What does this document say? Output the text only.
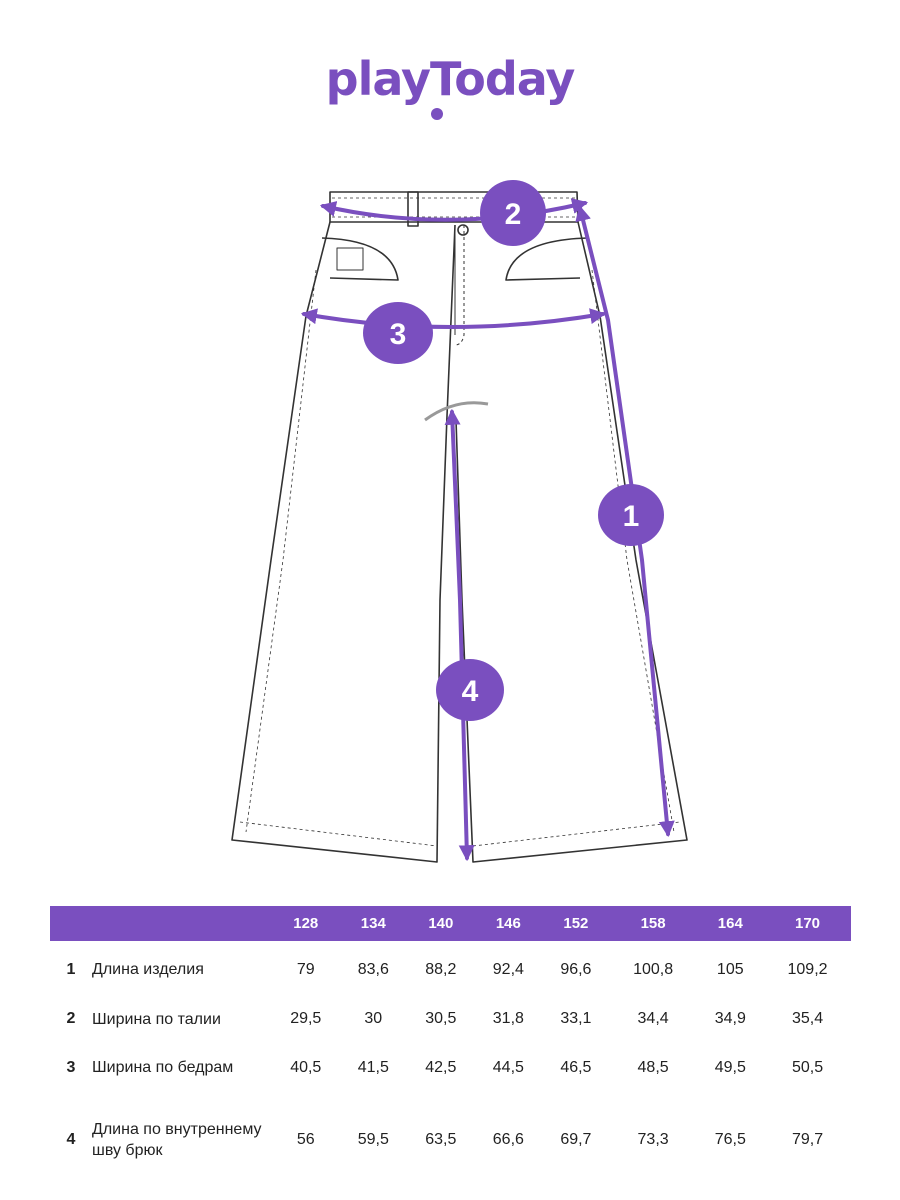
playToday
2
3
1
4
		128	134	140	146	152	158	164	170
1	Длина изделия	79	83,6	88,2	92,4	96,6	100,8	105	109,2
2	Ширина по талии	29,5	30	30,5	31,8	33,1	34,4	34,9	35,4
3	Ширина по бедрам	40,5	41,5	42,5	44,5	46,5	48,5	49,5	50,5
4	Длина по внутреннему шву брюк	56	59,5	63,5	66,6	69,7	73,3	76,5	79,7
